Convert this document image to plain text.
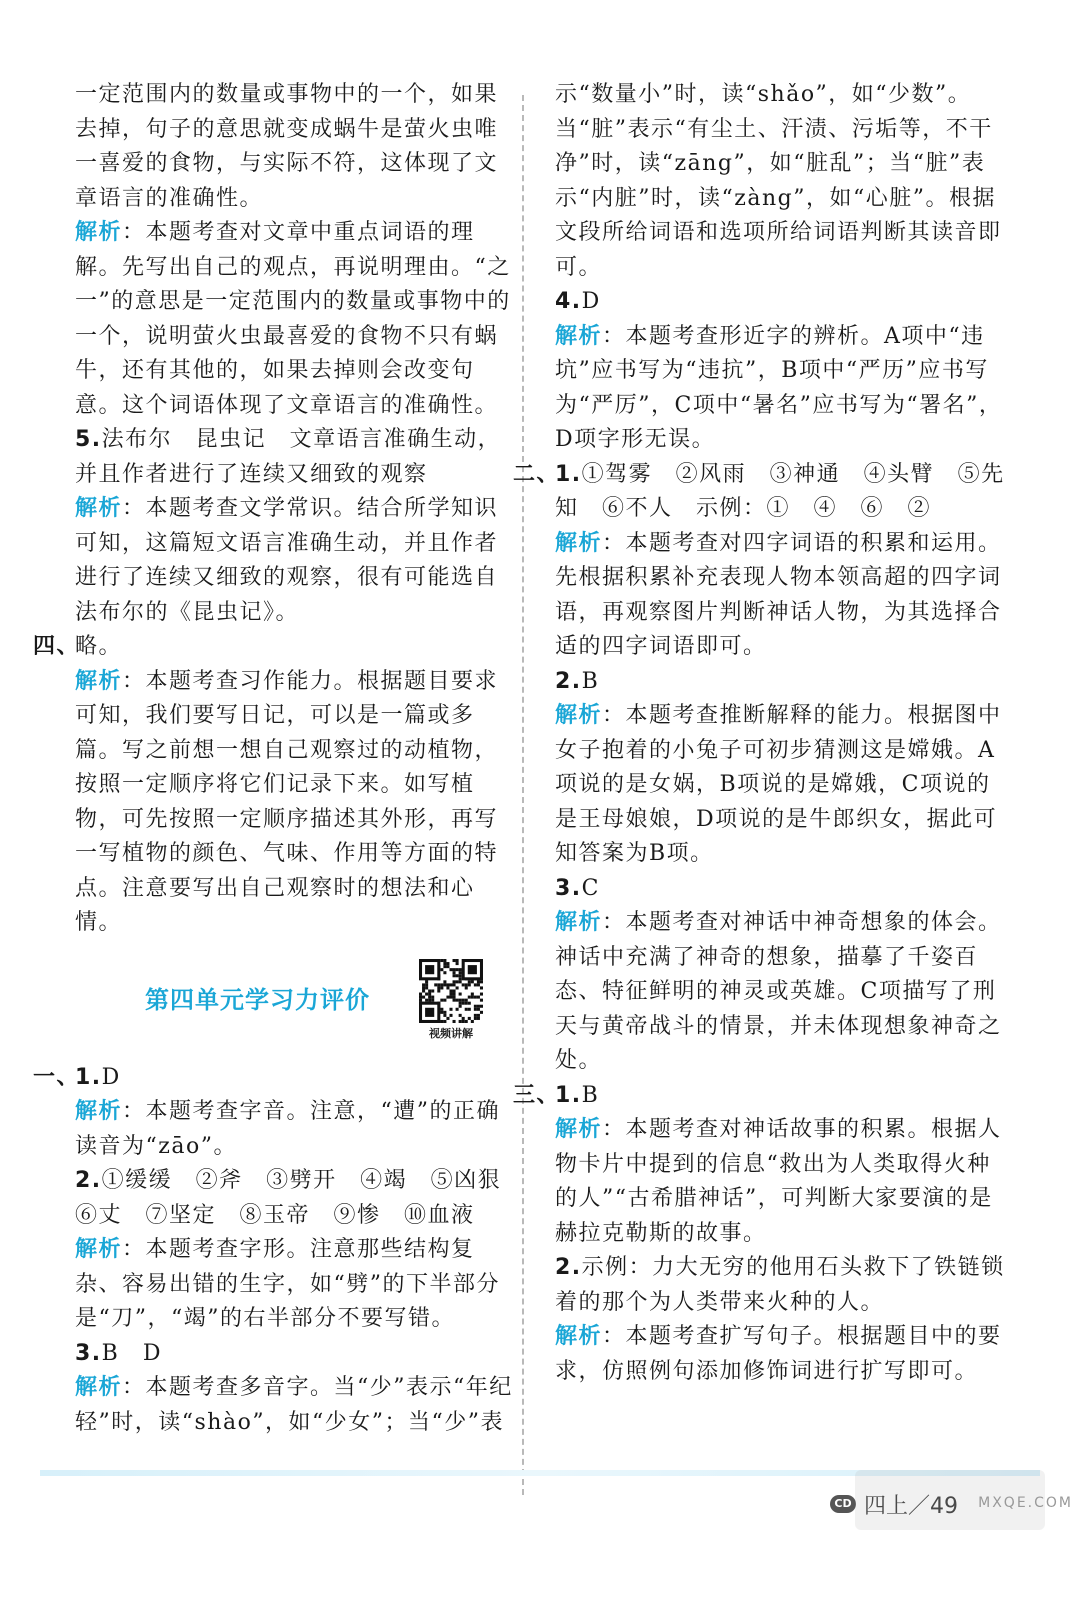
一定范围内的数量或事物中的一个，如果去掉，句子的意思就变成蜗牛是萤火虫唯一喜爱的食物，与实际不符，这体现了文章语言的准确性。

解析：本题考查对文章中重点词语的理解。先写出自己的观点，再说明理由。“之一”的意思是一定范围内的数量或事物中的一个，说明萤火虫最喜爱的食物不只有蜗牛，还有其他的，如果去掉则会改变句意。这个词语体现了文章语言的准确性。

5.法布尔　昆虫记　文章语言准确生动，并且作者进行了连续又细致的观察

解析：本题考查文学常识。结合所学知识可知，这篇短文语言准确生动，并且作者进行了连续又细致的观察，很有可能选自法布尔的《昆虫记》。

四、
略。

解析：本题考查习作能力。根据题目要求可知，我们要写日记，可以是一篇或多篇。写之前想一想自己观察过的动植物，按照一定顺序将它们记录下来。如写植物，可先按照一定顺序描述其外形，再写一写植物的颜色、气味、作用等方面的特点。注意要写出自己观察时的想法和心情。

第四单元学习力评价
视频讲解

一、
1.D

解析：本题考查字音。注意，“遭”的正确读音为“zāo”。

2.①缓缓　②斧　③劈开　④竭　⑤凶狠　⑥丈　⑦坚定　⑧玉帝　⑨惨　⑩血液

解析：本题考查字形。注意那些结构复杂、容易出错的生字，如“劈”的下半部分是“刀”，“竭”的右半部分不要写错。

3.B　D

解析：本题考查多音字。当“少”表示“年纪轻”时，读“shào”，如“少女”；当“少”表

示“数量小”时，读“shǎo”，如“少数”。当“脏”表示“有尘土、汗渍、污垢等，不干净”时，读“zāng”，如“脏乱”；当“脏”表示“内脏”时，读“zàng”，如“心脏”。根据文段所给词语和选项所给词语判断其读音即可。

4.D

解析：本题考查形近字的辨析。A项中“违坑”应书写为“违抗”，B项中“严历”应书写为“严厉”，C项中“暑名”应书写为“署名”，D项字形无误。

二、
1.①驾雾　②风雨　③神通　④头臂　⑤先知　⑥不人　示例：①　④　⑥　②

解析：本题考查对四字词语的积累和运用。先根据积累补充表现人物本领高超的四字词语，再观察图片判断神话人物，为其选择合适的四字词语即可。

2.B

解析：本题考查推断解释的能力。根据图中女子抱着的小兔子可初步猜测这是嫦娥。A项说的是女娲，B项说的是嫦娥，C项说的是王母娘娘，D项说的是牛郎织女，据此可知答案为B项。

3.C

解析：本题考查对神话中神奇想象的体会。神话中充满了神奇的想象，描摹了千姿百态、特征鲜明的神灵或英雄。C项描写了刑天与黄帝战斗的情景，并未体现想象神奇之处。

三、
1.B

解析：本题考查对神话故事的积累。根据人物卡片中提到的信息“救出为人类取得火种的人”“古希腊神话”，可判断大家要演的是赫拉克勒斯的故事。

2.示例：力大无穷的他用石头救下了铁链锁着的那个为人类带来火种的人。

解析：本题考查扩写句子。根据题目中的要求，仿照例句添加修饰词进行扩写即可。

CD 四上／49 MXQE.COM
